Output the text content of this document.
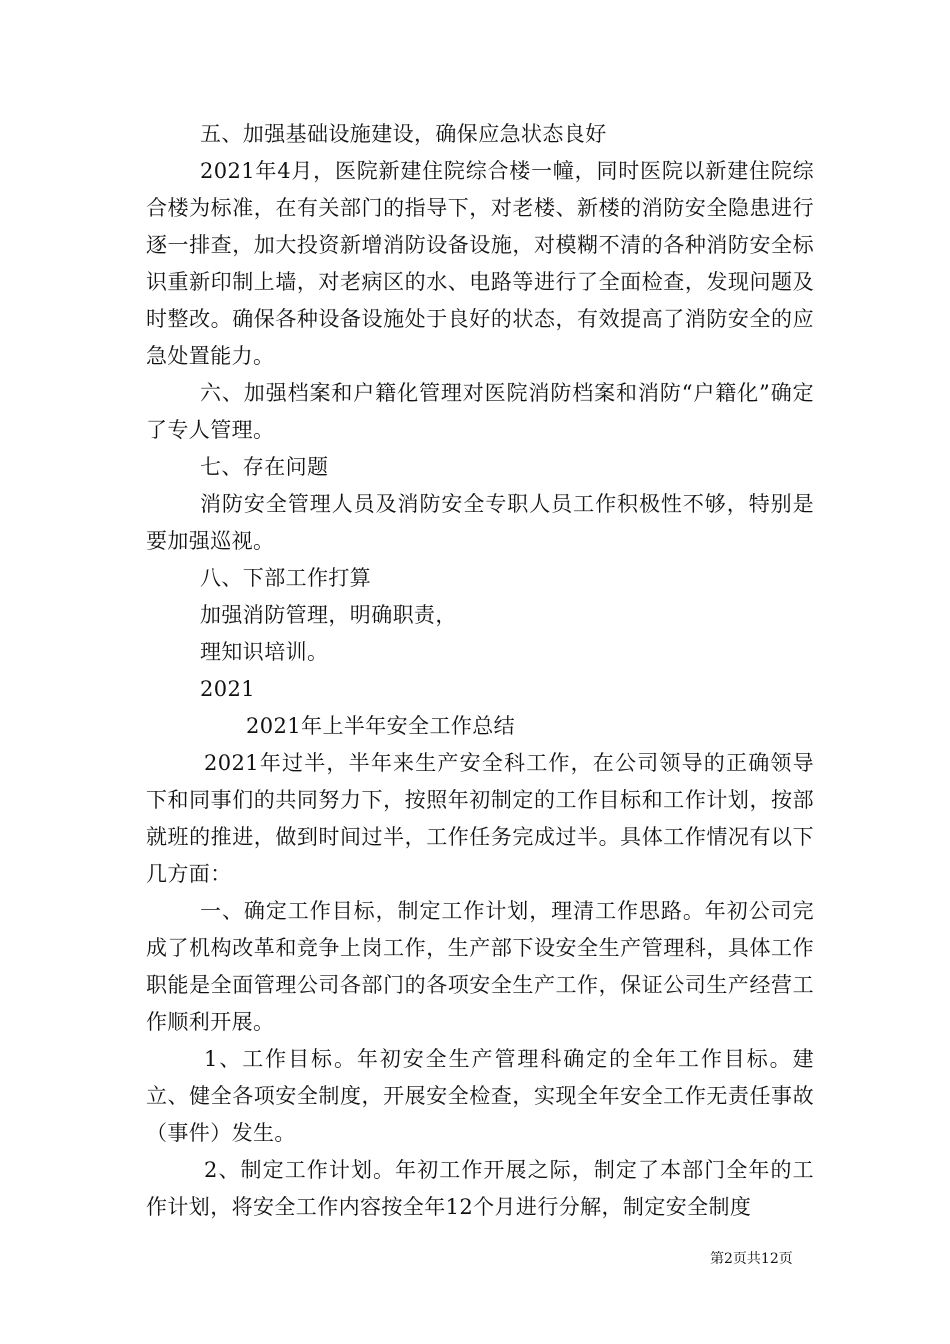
五、加强基础设施建设，确保应急状态良好

2021年4月，医院新建住院综合楼一幢，同时医院以新建住院综合楼为标准，在有关部门的指导下，对老楼、新楼的消防安全隐患进行逐一排查，加大投资新增消防设备设施，对模糊不清的各种消防安全标识重新印制上墙，对老病区的水、电路等进行了全面检查，发现问题及时整改。确保各种设备设施处于良好的状态，有效提高了消防安全的应急处置能力。

六、加强档案和户籍化管理对医院消防档案和消防“户籍化”确定了专人管理。

七、存在问题

消防安全管理人员及消防安全专职人员工作积极性不够，特别是要加强巡视。

八、下部工作打算

加强消防管理，明确职责，

理知识培训。

2021

2021年上半年安全工作总结

2021年过半，半年来生产安全科工作，在公司领导的正确领导下和同事们的共同努力下，按照年初制定的工作目标和工作计划，按部就班的推进，做到时间过半，工作任务完成过半。具体工作情况有以下几方面：

一、确定工作目标，制定工作计划，理清工作思路。年初公司完成了机构改革和竞争上岗工作，生产部下设安全生产管理科，具体工作职能是全面管理公司各部门的各项安全生产工作，保证公司生产经营工作顺利开展。

1、工作目标。年初安全生产管理科确定的全年工作目标。建立、健全各项安全制度，开展安全检查，实现全年安全工作无责任事故（事件）发生。

2、制定工作计划。年初工作开展之际，制定了本部门全年的工作计划，将安全工作内容按全年12个月进行分解，制定安全制度

第2页共12页
